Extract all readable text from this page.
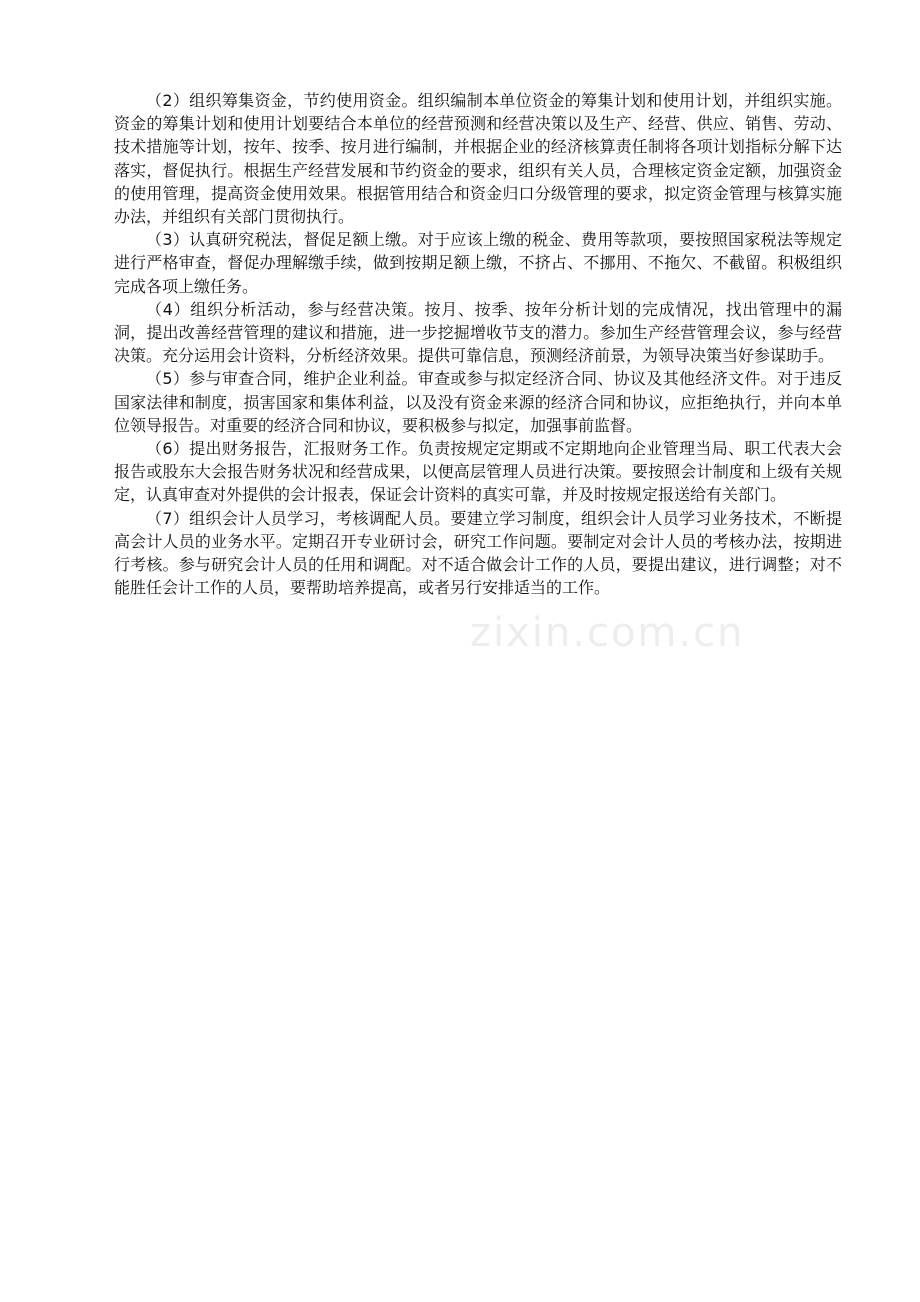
（2）组织筹集资金，节约使用资金。组织编制本单位资金的筹集计划和使用计划，并组织实施。资金的筹集计划和使用计划要结合本单位的经营预测和经营决策以及生产、经营、供应、销售、劳动、技术措施等计划，按年、按季、按月进行编制，并根据企业的经济核算责任制将各项计划指标分解下达落实，督促执行。根据生产经营发展和节约资金的要求，组织有关人员，合理核定资金定额，加强资金的使用管理，提高资金使用效果。根据管用结合和资金归口分级管理的要求，拟定资金管理与核算实施办法，并组织有关部门贯彻执行。

（3）认真研究税法，督促足额上缴。对于应该上缴的税金、费用等款项，要按照国家税法等规定进行严格审查，督促办理解缴手续，做到按期足额上缴，不挤占、不挪用、不拖欠、不截留。积极组织完成各项上缴任务。

（4）组织分析活动，参与经营决策。按月、按季、按年分析计划的完成情况，找出管理中的漏洞，提出改善经营管理的建议和措施，进一步挖掘增收节支的潜力。参加生产经营管理会议，参与经营决策。充分运用会计资料，分析经济效果。提供可靠信息，预测经济前景，为领导决策当好参谋助手。

（5）参与审查合同，维护企业利益。审查或参与拟定经济合同、协议及其他经济文件。对于违反国家法律和制度，损害国家和集体利益，以及没有资金来源的经济合同和协议，应拒绝执行，并向本单位领导报告。对重要的经济合同和协议，要积极参与拟定，加强事前监督。

（6）提出财务报告，汇报财务工作。负责按规定定期或不定期地向企业管理当局、职工代表大会报告或股东大会报告财务状况和经营成果，以便高层管理人员进行决策。要按照会计制度和上级有关规定，认真审查对外提供的会计报表，保证会计资料的真实可靠，并及时按规定报送给有关部门。

（7）组织会计人员学习，考核调配人员。要建立学习制度，组织会计人员学习业务技术，不断提高会计人员的业务水平。定期召开专业研讨会，研究工作问题。要制定对会计人员的考核办法，按期进行考核。参与研究会计人员的任用和调配。对不适合做会计工作的人员，要提出建议，进行调整；对不能胜任会计工作的人员，要帮助培养提高，或者另行安排适当的工作。

zixin.com.cn
